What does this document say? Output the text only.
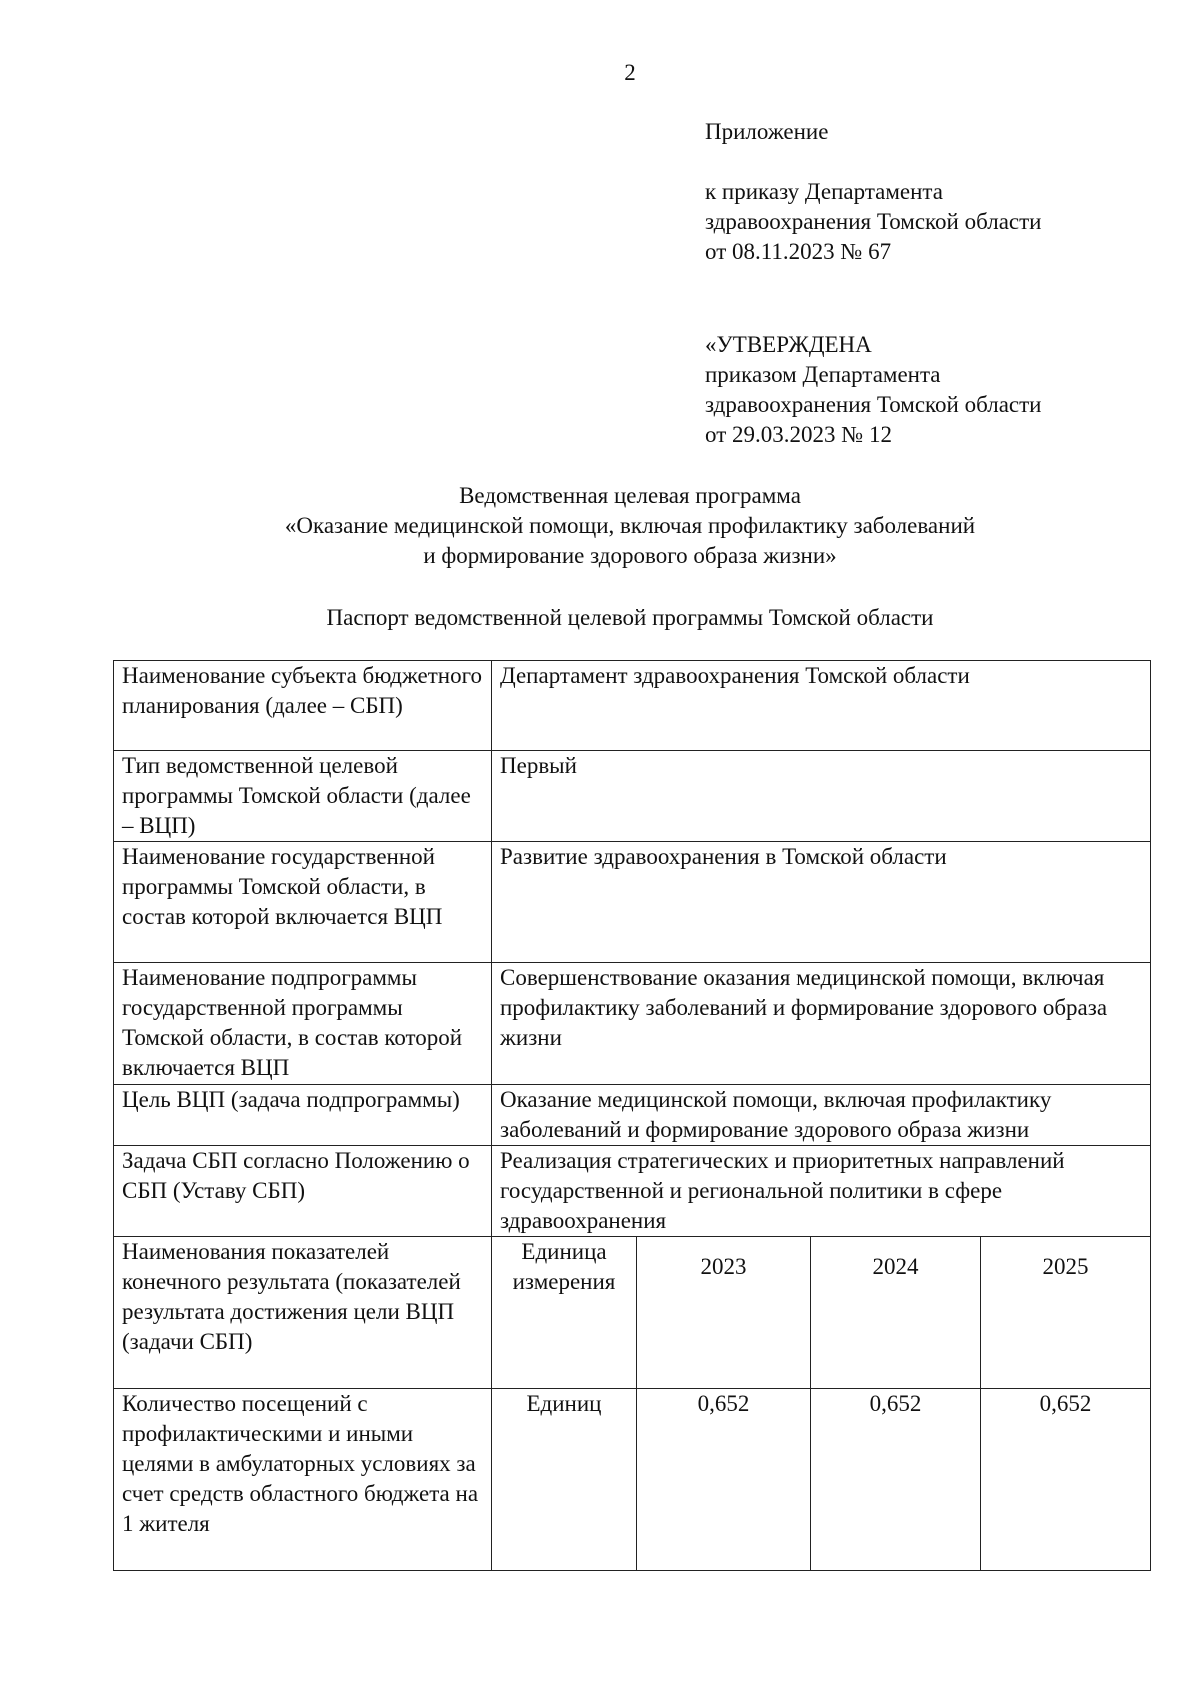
2
Приложение
к приказу Департамента
здравоохранения Томской области
от 08.11.2023 № 67
«УТВЕРЖДЕНА
приказом Департамента
здравоохранения Томской области
от 29.03.2023 № 12
Ведомственная целевая программа
«Оказание медицинской помощи, включая профилактику заболеваний
и формирование здорового образа жизни»
Паспорт ведомственной целевой программы Томской области
Наименование субъекта бюджетного планирования (далее – СБП)	Департамент здравоохранения Томской области			
Тип ведомственной целевой программы Томской области (далее – ВЦП)	Первый			
Наименование государственной программы Томской области, в состав которой включается ВЦП	Развитие здравоохранения в Томской области			
Наименование подпрограммы государственной программы Томской области, в состав которой включается ВЦП	Совершенствование оказания медицинской помощи, включая профилактику заболеваний и формирование здорового образа жизни			
Цель ВЦП (задача подпрограммы)	Оказание медицинской помощи, включая профилактику заболеваний и формирование здорового образа жизни			
Задача СБП согласно Положению о СБП (Уставу СБП)	Реализация стратегических и приоритетных направлений государственной и региональной политики в сфере здравоохранения			
Наименования показателей конечного результата (показателей результата достижения цели ВЦП (задачи СБП)	Единица измерения	2023	2024	2025
Количество посещений с профилактическими и иными целями в амбулаторных условиях за счет средств областного бюджета на 1 жителя	Единиц	0,652	0,652	0,652
